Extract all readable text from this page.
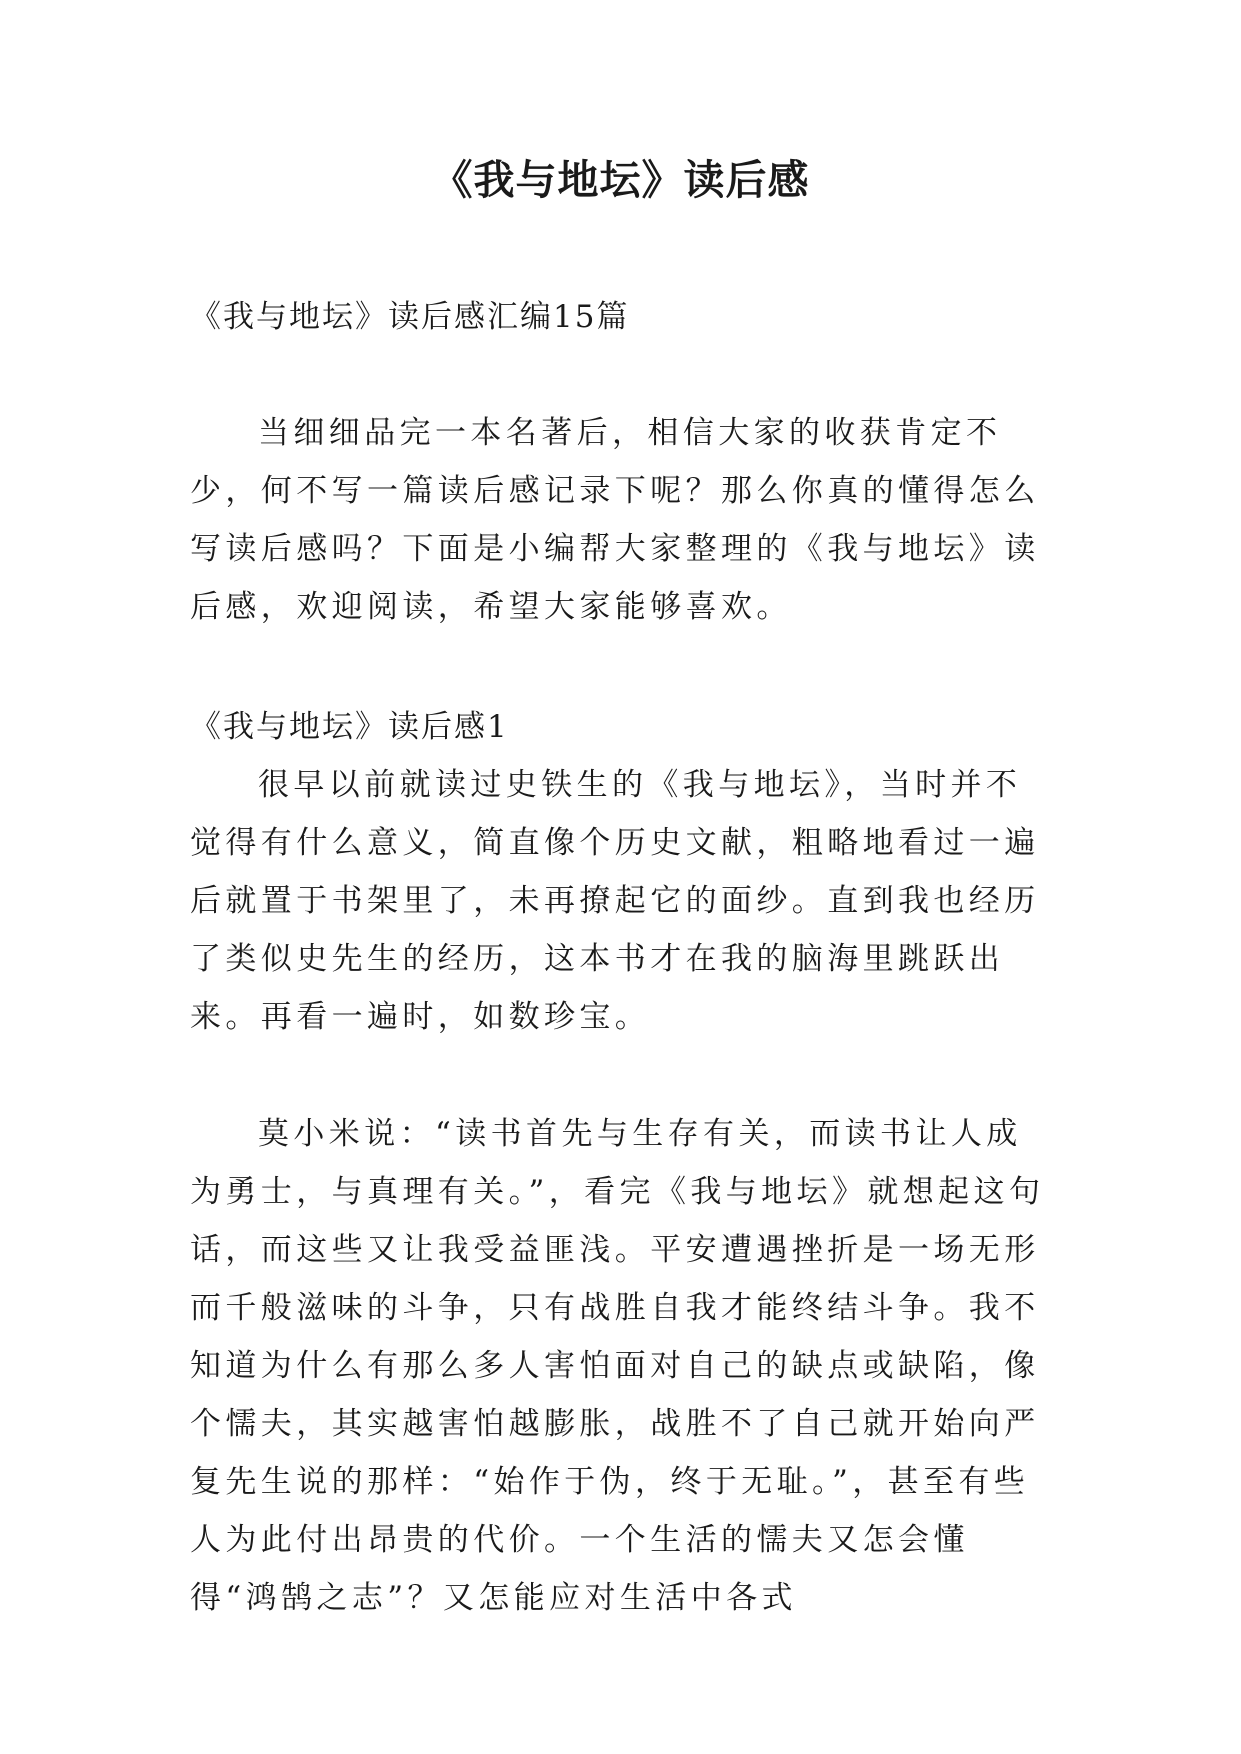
《我与地坛》读后感
《我与地坛》读后感汇编15篇

当细细品完一本名著后，相信大家的收获肯定不少，何不写一篇读后感记录下呢？那么你真的懂得怎么写读后感吗？下面是小编帮大家整理的《我与地坛》读后感，欢迎阅读，希望大家能够喜欢。

《我与地坛》读后感1

很早以前就读过史铁生的《我与地坛》，当时并不觉得有什么意义，简直像个历史文献，粗略地看过一遍后就置于书架里了，未再撩起它的面纱。直到我也经历了类似史先生的经历，这本书才在我的脑海里跳跃出来。再看一遍时，如数珍宝。

莫小米说：“读书首先与生存有关，而读书让人成为勇士，与真理有关。”，看完《我与地坛》就想起这句话，而这些又让我受益匪浅。平安遭遇挫折是一场无形而千般滋味的斗争，只有战胜自我才能终结斗争。我不知道为什么有那么多人害怕面对自己的缺点或缺陷，像个懦夫，其实越害怕越膨胀，战胜不了自己就开始向严复先生说的那样：“始作于伪，终于无耻。”，甚至有些人为此付出昂贵的代价。一个生活的懦夫又怎会懂得“鸿鹄之志”？又怎能应对生活中各式
